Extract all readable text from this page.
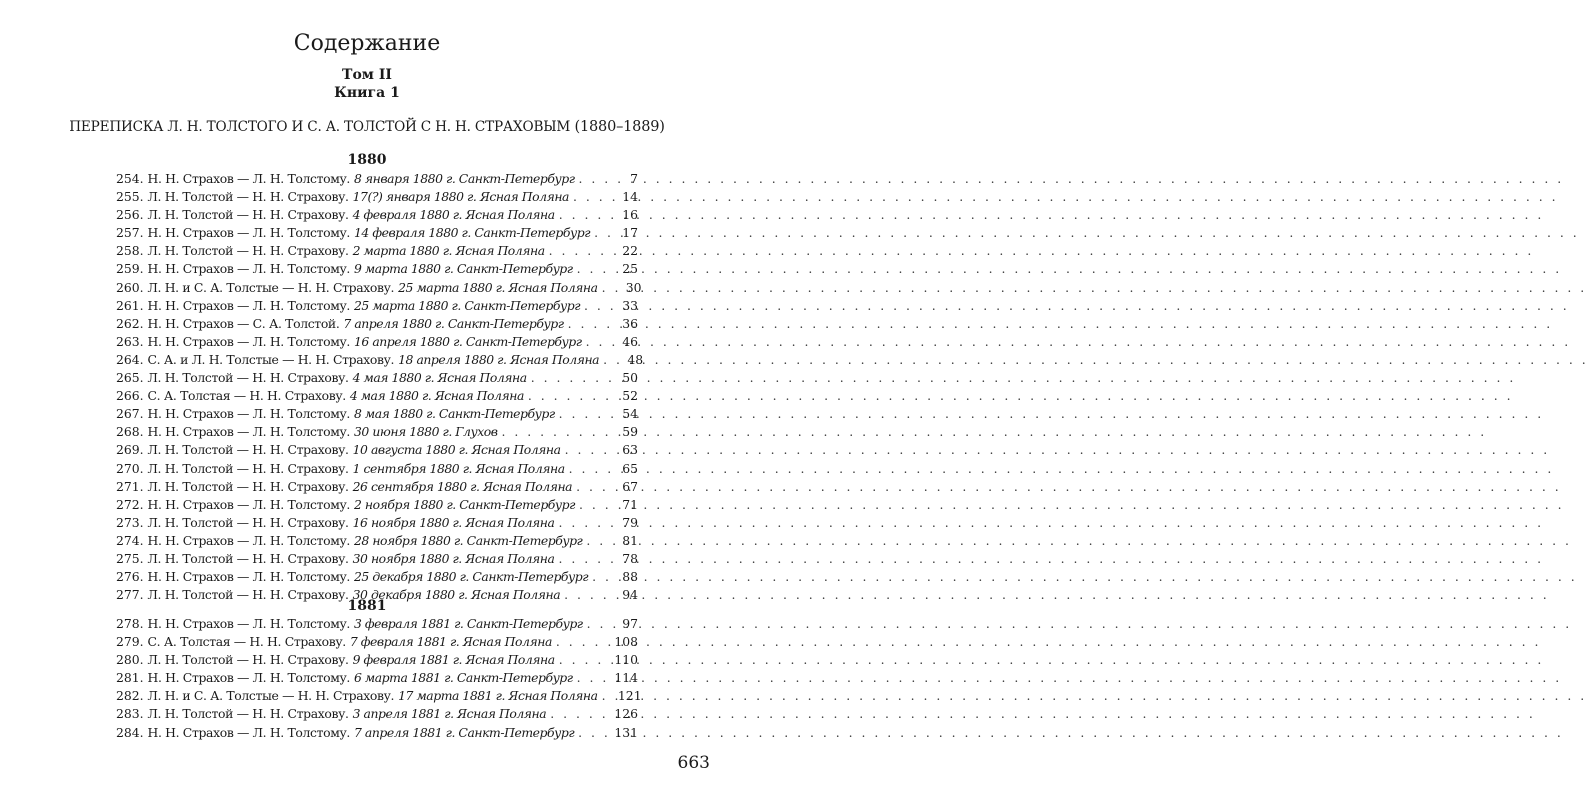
Содержание
Том II
Книга 1
ПЕРЕПИСКА Л. Н. ТОЛСТОГО И С. А. ТОЛСТОЙ С Н. Н. СТРАХОВЫМ (1880–1889)
1880
254. Н. Н. Страхов — Л. Н. Толстому. 8 января 1880 г. Санкт-Петербург . . .	7
255. Л. Н. Толстой — Н. Н. Страхову. 17(?) января 1880 г. Ясная Поляна . . .	14
256. Л. Н. Толстой — Н. Н. Страхову. 4 февраля 1880 г. Ясная Поляна . . .	16
257. Н. Н. Страхов — Л. Н. Толстому. 14 февраля 1880 г. Санкт-Петербург . . .	17
258. Л. Н. Толстой — Н. Н. Страхову. 2 марта 1880 г. Ясная Поляна . . .	22
259. Н. Н. Страхов — Л. Н. Толстому. 9 марта 1880 г. Санкт-Петербург . . .	25
260. Л. Н. и С. А. Толстые — Н. Н. Страхову. 25 марта 1880 г. Ясная Поляна . . .	30
261. Н. Н. Страхов — Л. Н. Толстому. 25 марта 1880 г. Санкт-Петербург . . .	33
262. Н. Н. Страхов — С. А. Толстой. 7 апреля 1880 г. Санкт-Петербург . . .	36
263. Н. Н. Страхов — Л. Н. Толстому. 16 апреля 1880 г. Санкт-Петербург . . .	46
264. С. А. и Л. Н. Толстые — Н. Н. Страхову. 18 апреля 1880 г. Ясная Поляна . . .	48
265. Л. Н. Толстой — Н. Н. Страхову. 4 мая 1880 г. Ясная Поляна . . .	50
266. С. А. Толстая — Н. Н. Страхову. 4 мая 1880 г. Ясная Поляна . . .	52
267. Н. Н. Страхов — Л. Н. Толстому. 8 мая 1880 г. Санкт-Петербург . . .	54
268. Н. Н. Страхов — Л. Н. Толстому. 30 июня 1880 г. Глухов . . .	59
269. Л. Н. Толстой — Н. Н. Страхову. 10 августа 1880 г. Ясная Поляна . . .	63
270. Л. Н. Толстой — Н. Н. Страхову. 1 сентября 1880 г. Ясная Поляна . . .	65
271. Л. Н. Толстой — Н. Н. Страхову. 26 сентября 1880 г. Ясная Поляна . . .	67
272. Н. Н. Страхов — Л. Н. Толстому. 2 ноября 1880 г. Санкт-Петербург . . .	71
273. Л. Н. Толстой — Н. Н. Страхову. 16 ноября 1880 г. Ясная Поляна . . .	79
274. Н. Н. Страхов — Л. Н. Толстому. 28 ноября 1880 г. Санкт-Петербург . . .	81
275. Л. Н. Толстой — Н. Н. Страхову. 30 ноября 1880 г. Ясная Поляна . . .	78
276. Н. Н. Страхов — Л. Н. Толстому. 25 декабря 1880 г. Санкт-Петербург . . .	88
277. Л. Н. Толстой — Н. Н. Страхову. 30 декабря 1880 г. Ясная Поляна . . .	94
1881
278. Н. Н. Страхов — Л. Н. Толстому. 3 февраля 1881 г. Санкт-Петербург . . .	97
279. С. А. Толстая — Н. Н. Страхову. 7 февраля 1881 г. Ясная Поляна . . .	108
280. Л. Н. Толстой — Н. Н. Страхову. 9 февраля 1881 г. Ясная Поляна . . .	110
281. Н. Н. Страхов — Л. Н. Толстому. 6 марта 1881 г. Санкт-Петербург . . .	114
282. Л. Н. и С. А. Толстые — Н. Н. Страхову. 17 марта 1881 г. Ясная Поляна . . . 121
283. Л. Н. Толстой — Н. Н. Страхову. 3 апреля 1881 г. Ясная Поляна . . .	126
284. Н. Н. Страхов — Л. Н. Толстому. 7 апреля 1881 г. Санкт-Петербург . . .	131
663
